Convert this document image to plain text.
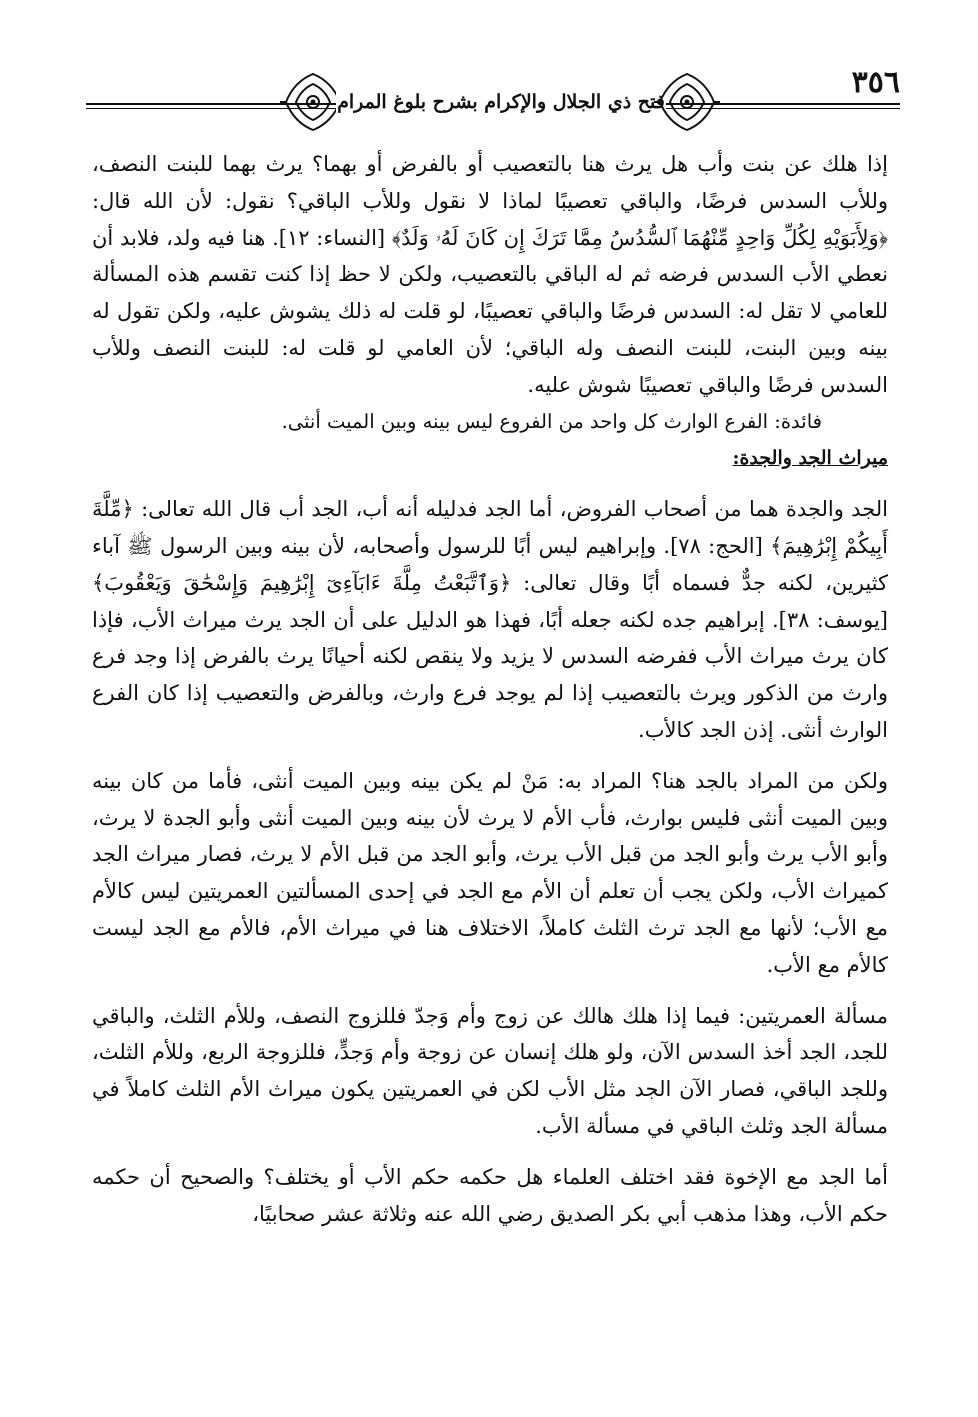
٣٥٦
فتح ذي الجلال والإكرام بشرح بلوغ المرام

إذا هلك عن بنت وأب هل يرث هنا بالتعصيب أو بالفرض أو بهما؟ يرث بهما للبنت النصف، وللأب السدس فرضًا، والباقي تعصيبًا لماذا لا نقول وللأب الباقي؟ نقول: لأن الله قال: ﴿وَلِأَبَوَيْهِ لِكُلِّ وَاحِدٍ مِّنْهُمَا ٱلسُّدُسُ مِمَّا تَرَكَ إِن كَانَ لَهُۥ وَلَدٌ﴾ [النساء: ١٢]. هنا فيه ولد، فلابد أن نعطي الأب السدس فرضه ثم له الباقي بالتعصيب، ولكن لا حظ إذا كنت تقسم هذه المسألة للعامي لا تقل له: السدس فرضًا والباقي تعصيبًا، لو قلت له ذلك يشوش عليه، ولكن تقول له بينه وبين البنت، للبنت النصف وله الباقي؛ لأن العامي لو قلت له: للبنت النصف وللأب السدس فرضًا والباقي تعصيبًا شوش عليه.

فائدة: الفرع الوارث كل واحد من الفروع ليس بينه وبين الميت أنثى.

ميراث الجد والجدة:

الجد والجدة هما من أصحاب الفروض، أما الجد فدليله أنه أب، الجد أب قال الله تعالى: ﴿مِّلَّةَ أَبِيكُمْ إِبْرَٰهِيمَ﴾ [الحج: ٧٨]. وإبراهيم ليس أبًا للرسول وأصحابه، لأن بينه وبين الرسول ﷺ آباء كثيرين، لكنه جدٌّ فسماه أبًا وقال تعالى: ﴿وَٱتَّبَعْتُ مِلَّةَ ءَابَآءِىٓ إِبْرَٰهِيمَ وَإِسْحَٰقَ وَيَعْقُوبَ﴾ [يوسف: ٣٨]. إبراهيم جده لكنه جعله أبًا، فهذا هو الدليل على أن الجد يرث ميراث الأب، فإذا كان يرث ميراث الأب ففرضه السدس لا يزيد ولا ينقص لكنه أحيانًا يرث بالفرض إذا وجد فرع وارث من الذكور ويرث بالتعصيب إذا لم يوجد فرع وارث، وبالفرض والتعصيب إذا كان الفرع الوارث أنثى. إذن الجد كالأب.

ولكن من المراد بالجد هنا؟ المراد به: مَنْ لم يكن بينه وبين الميت أنثى، فأما من كان بينه وبين الميت أنثى فليس بوارث، فأب الأم لا يرث لأن بينه وبين الميت أنثى وأبو الجدة لا يرث، وأبو الأب يرث وأبو الجد من قبل الأب يرث، وأبو الجد من قبل الأم لا يرث، فصار ميراث الجد كميراث الأب، ولكن يجب أن تعلم أن الأم مع الجد في إحدى المسألتين العمريتين ليس كالأم مع الأب؛ لأنها مع الجد ترث الثلث كاملاً، الاختلاف هنا في ميراث الأم، فالأم مع الجد ليست كالأم مع الأب.

مسألة العمريتين: فيما إذا هلك هالك عن زوج وأم وَجدّ فللزوج النصف، وللأم الثلث، والباقي للجد، الجد أخذ السدس الآن، ولو هلك إنسان عن زوجة وأم وَجدٍّ، فللزوجة الربع، وللأم الثلث، وللجد الباقي، فصار الآن الجد مثل الأب لكن في العمريتين يكون ميراث الأم الثلث كاملاً في مسألة الجد وثلث الباقي في مسألة الأب.

أما الجد مع الإخوة فقد اختلف العلماء هل حكمه حكم الأب أو يختلف؟ والصحيح أن حكمه حكم الأب، وهذا مذهب أبي بكر الصديق رضي الله عنه وثلاثة عشر صحابيًا،
